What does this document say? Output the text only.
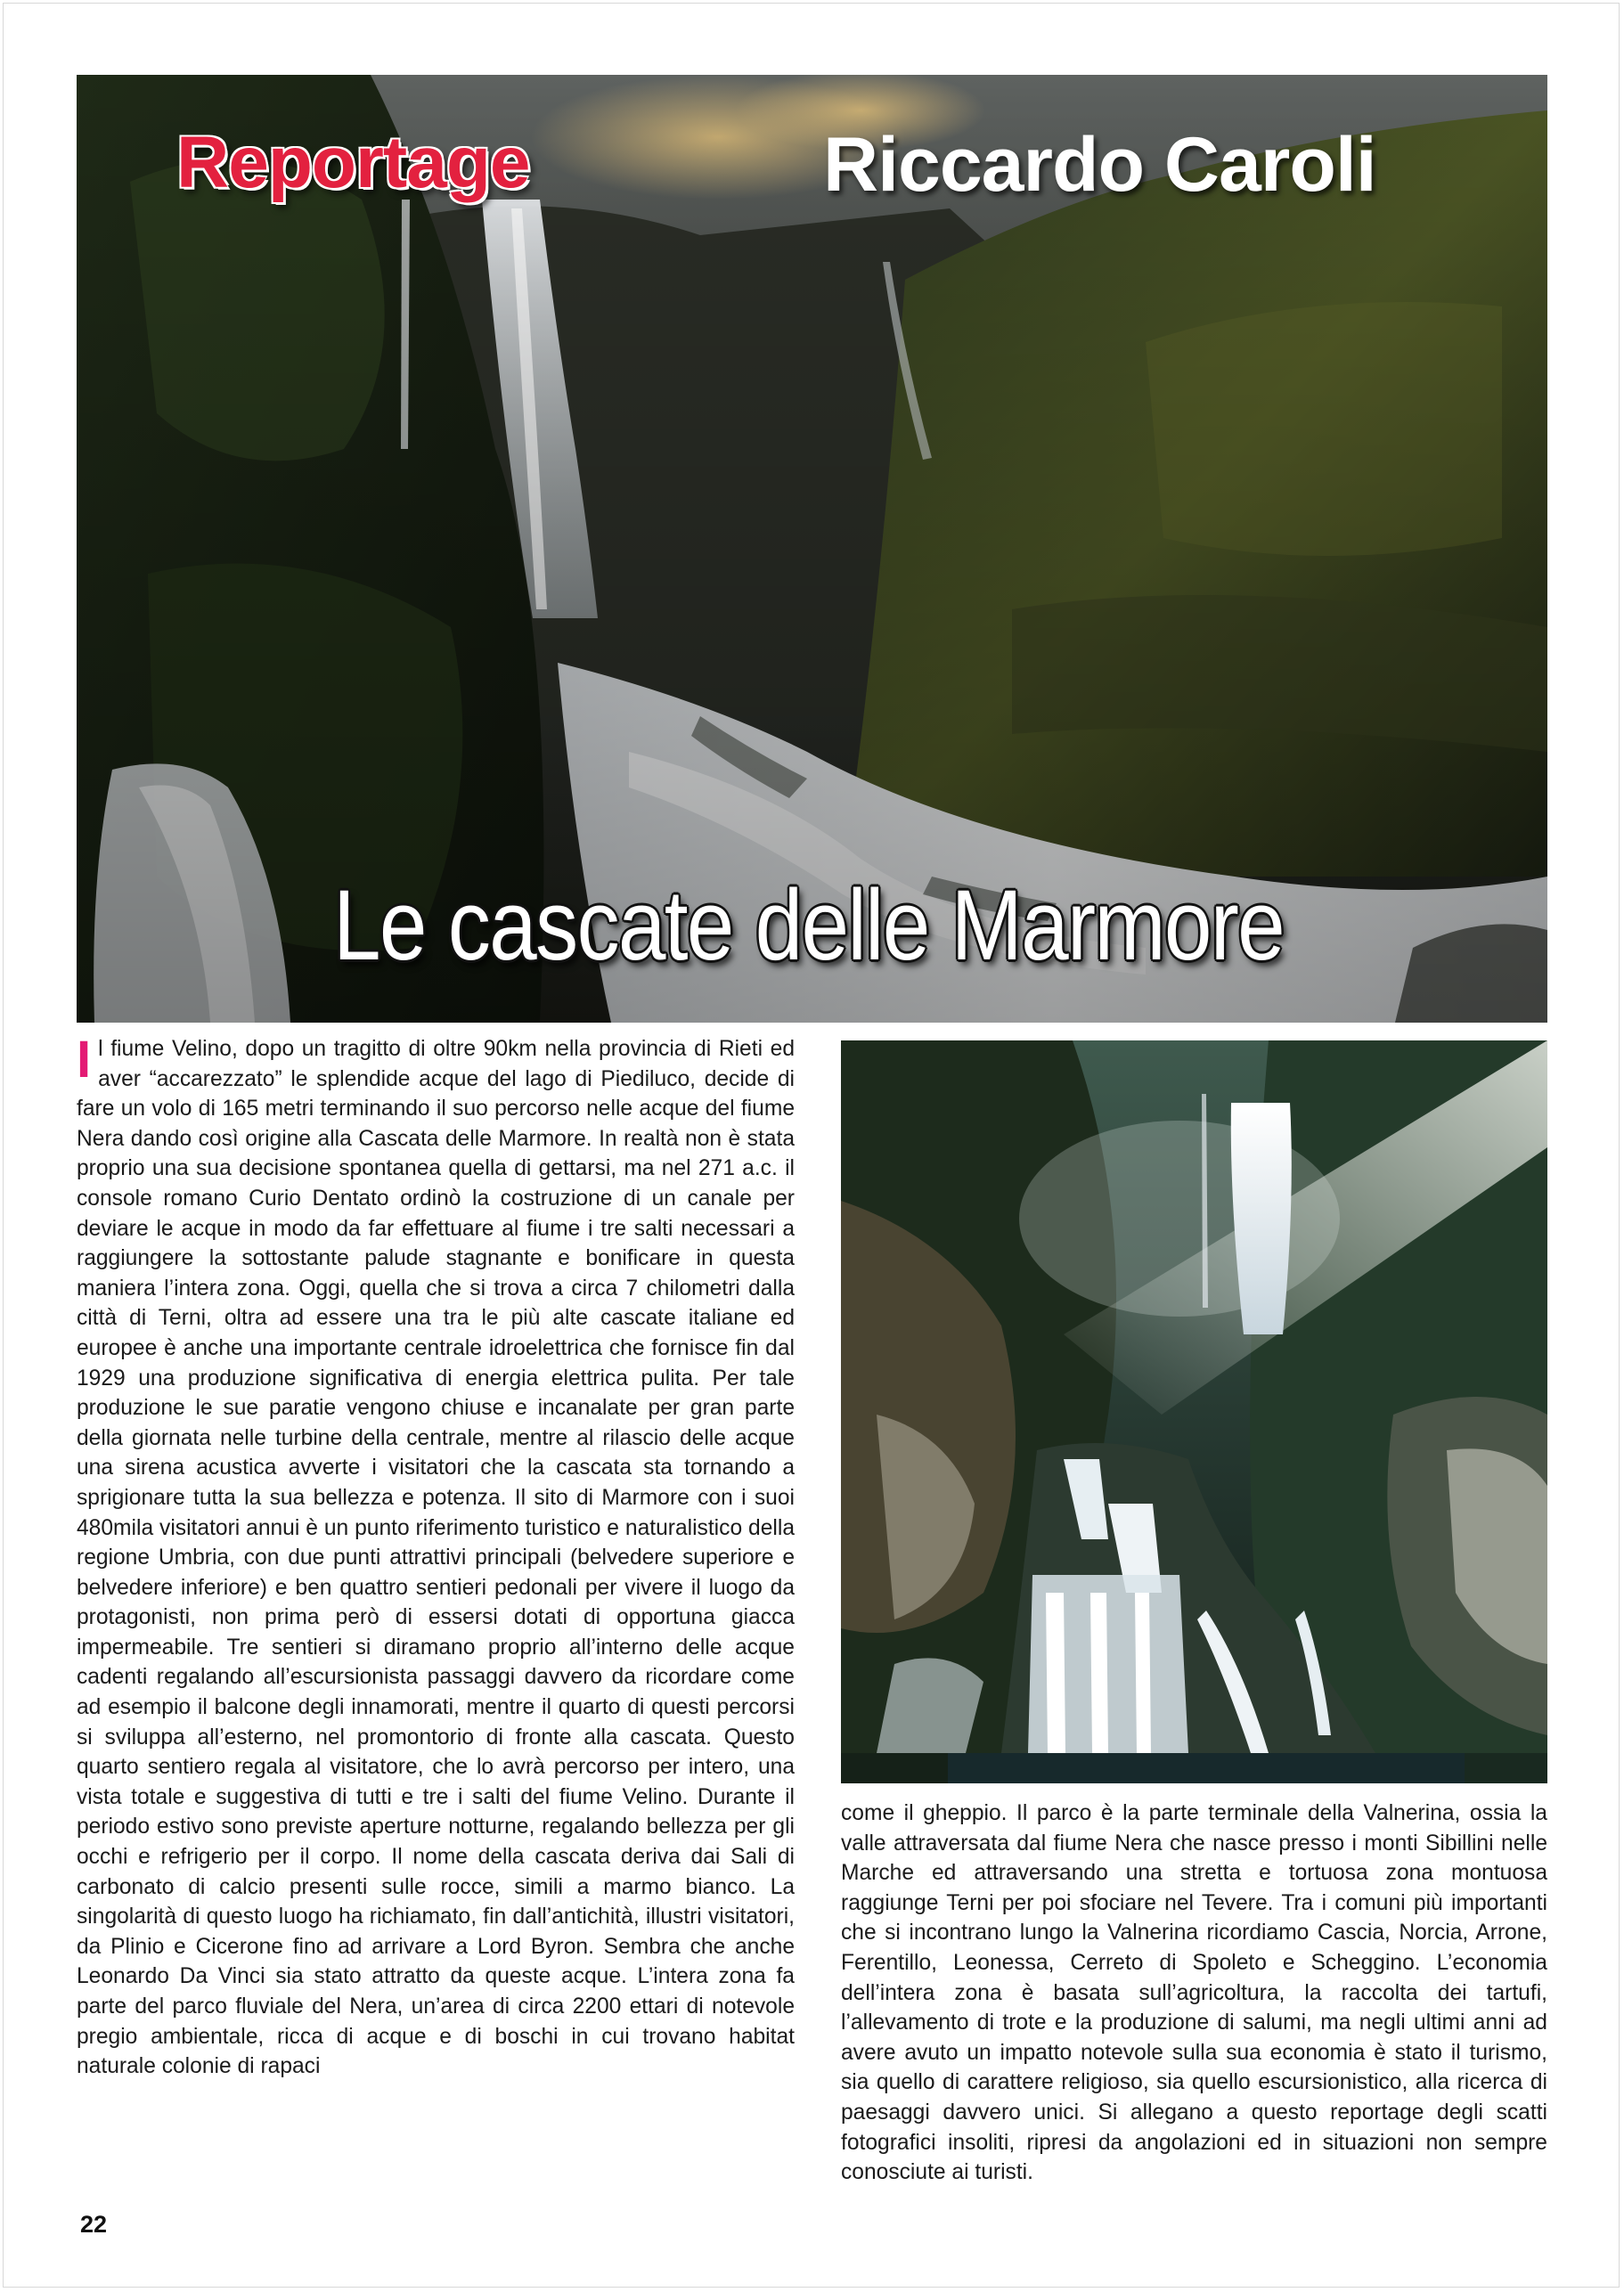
Reportage	Riccardo Caroli
Le cascate delle Marmore
Il fiume Velino, dopo un tragitto di oltre 90km nella provincia di Rieti ed aver “accarezzato” le splendide acque del lago di Piediluco, decide di fare un volo di 165 metri terminando il suo percorso nelle acque del fiume Nera dando così origine alla Cascata delle Marmore. In realtà non è stata proprio una sua decisione spontanea quella di gettarsi, ma nel 271 a.c. il console romano Curio Dentato ordinò la costruzione di un canale per deviare le acque in modo da far effettuare al fiume i tre salti necessari a raggiungere la sottostante palude stagnante e bonificare in questa maniera l’intera zona. Oggi, quella che si trova a circa 7 chilometri dalla città di Terni, oltra ad essere una tra le più alte cascate italiane ed europee è anche una importante centrale idroelettrica che fornisce fin dal 1929 una produzione significativa di energia elettrica pulita. Per tale produzione le sue paratie vengono chiuse e incanalate per gran parte della giornata nelle turbine della centrale, mentre al rilascio delle acque una sirena acustica avverte i visitatori che la cascata sta tornando a sprigionare tutta la sua bellezza e potenza. Il sito di Marmore con i suoi 480mila visitatori annui è un punto riferimento turistico e naturalistico della regione Umbria, con due punti attrattivi principali (belvedere superiore e belvedere inferiore) e ben quattro sentieri pedonali per vivere il luogo da protagonisti, non prima però di essersi dotati di opportuna giacca impermeabile. Tre sentieri si diramano proprio all’interno delle acque cadenti regalando all’escursionista passaggi davvero da ricordare come ad esempio il balcone degli innamorati, mentre il quarto di questi percorsi si sviluppa all’esterno, nel promontorio di fronte alla cascata. Questo quarto sentiero regala al visitatore, che lo avrà percorso per intero, una vista totale e suggestiva di tutti e tre i salti del fiume Velino. Durante il periodo estivo sono previste aperture notturne, regalando bellezza per gli occhi e refrigerio per il corpo. Il nome della cascata deriva dai Sali di carbonato di calcio presenti sulle rocce, simili a marmo bianco. La singolarità di questo luogo ha richiamato, fin dall’antichità, illustri visitatori, da Plinio e Cicerone fino ad arrivare a Lord Byron. Sembra che anche Leonardo Da Vinci sia stato attratto da queste acque. L’intera zona fa parte del parco fluviale del Nera, un’area di circa 2200 ettari di notevole pregio ambientale, ricca di acque e di boschi in cui trovano habitat naturale colonie di rapaci
come il gheppio. Il parco è la parte terminale della Valnerina, ossia la valle attraversata dal fiume Nera che nasce presso i monti Sibillini nelle Marche ed attraversando una stretta e tortuosa zona montuosa raggiunge Terni per poi sfociare nel Tevere. Tra i comuni più importanti che si incontrano lungo la Valnerina ricordiamo Cascia, Norcia, Arrone, Ferentillo, Leonessa, Cerreto di Spoleto e Scheggino. L’economia dell’intera zona è basata sull’agricoltura, la raccolta dei tartufi, l’allevamento di trote e la produzione di salumi, ma negli ultimi anni ad avere avuto un impatto notevole sulla sua economia è stato il turismo, sia quello di carattere religioso, sia quello escursionistico, alla ricerca di paesaggi davvero unici. Si allegano a questo reportage degli scatti fotografici insoliti, ripresi da angolazioni ed in situazioni non sempre conosciute ai turisti.
22
